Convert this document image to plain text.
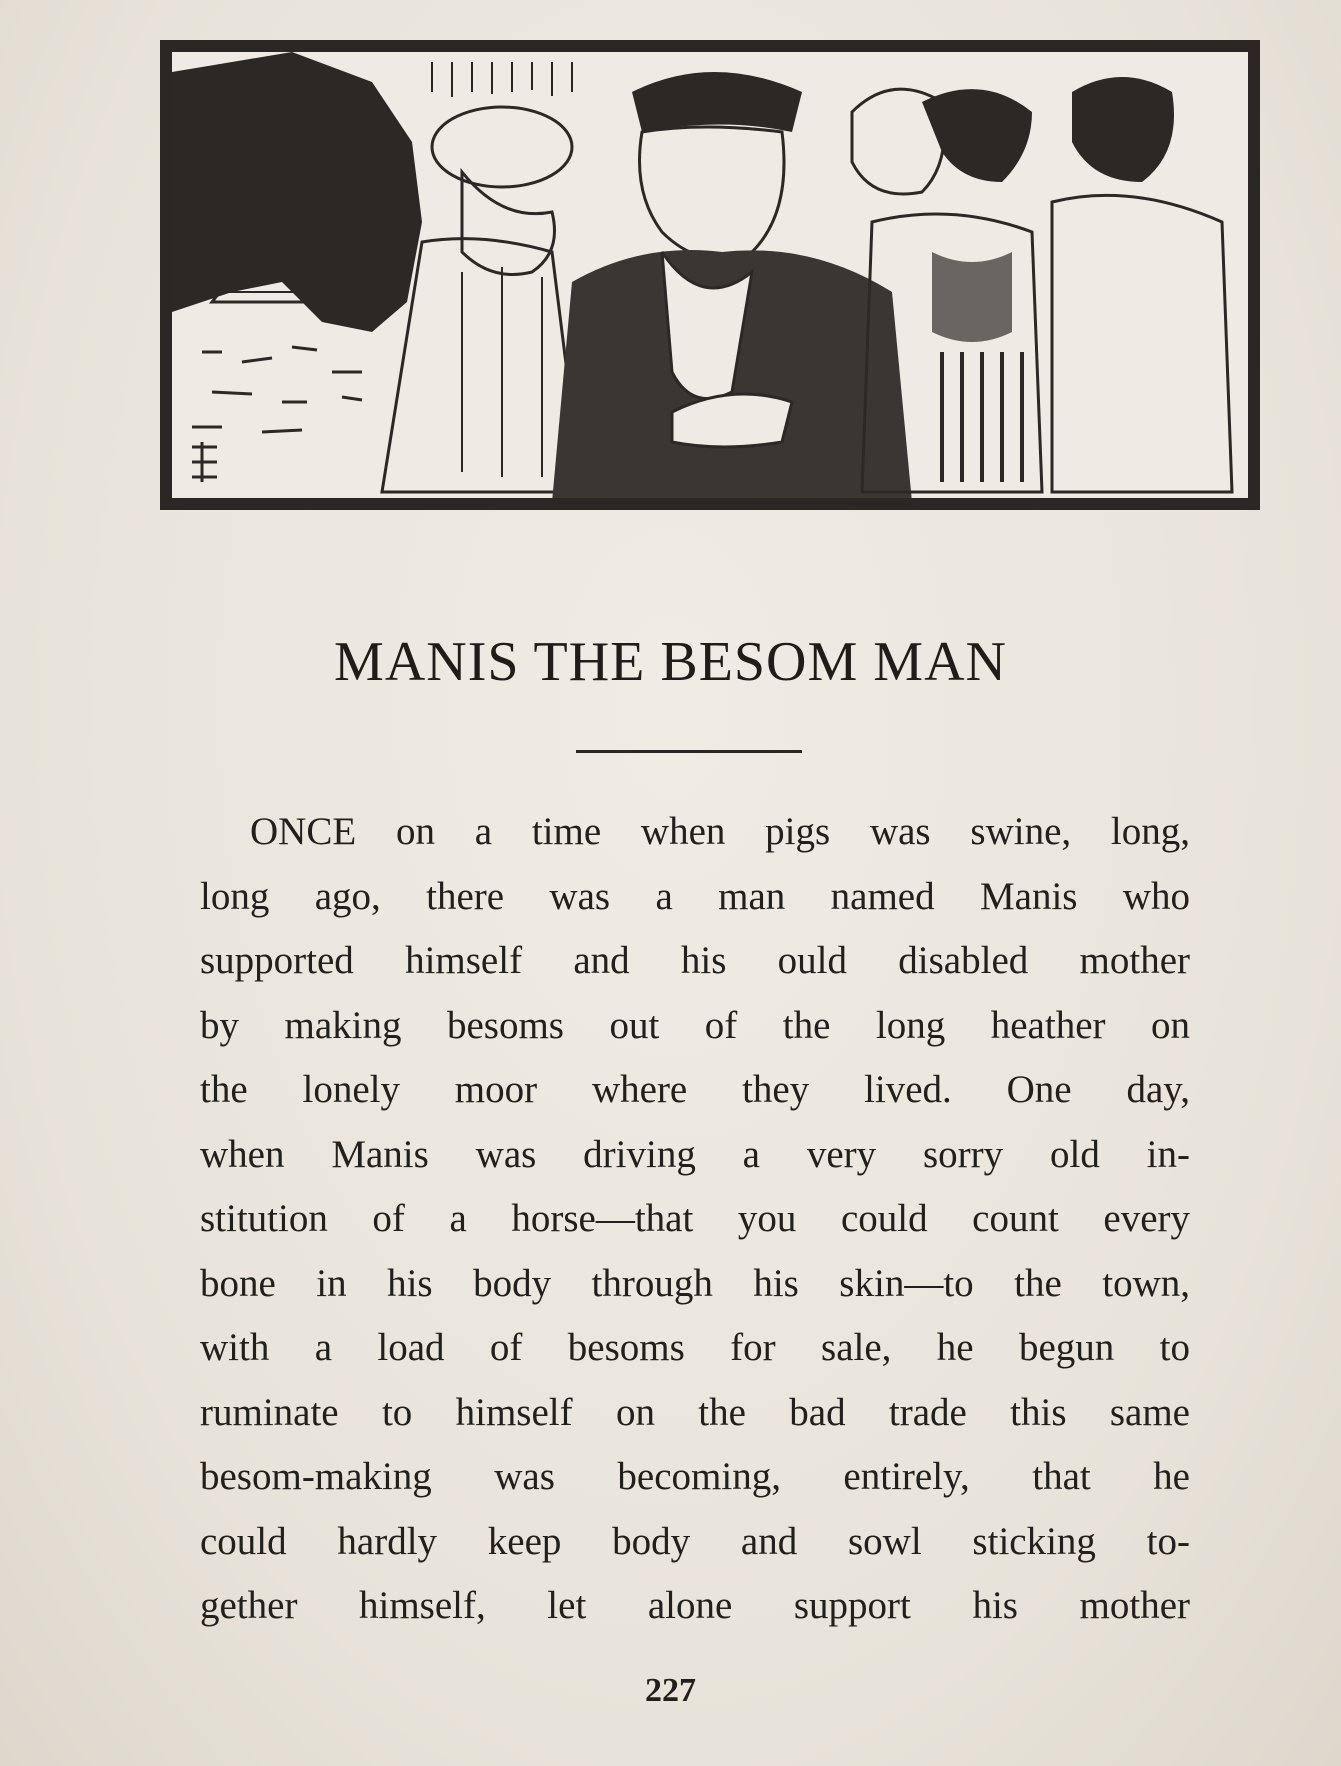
MANIS THE BESOM MAN
ONCE on a time when pigs was swine, long,
long ago, there was a man named Manis who
supported himself and his ould disabled mother
by making besoms out of the long heather on
the lonely moor where they lived. One day,
when Manis was driving a very sorry old in-
stitution of a horse—that you could count every
bone in his body through his skin—to the town,
with a load of besoms for sale, he begun to
ruminate to himself on the bad trade this same
besom-making was becoming, entirely, that he
could hardly keep body and sowl sticking to-
gether himself, let alone support his mother
227
